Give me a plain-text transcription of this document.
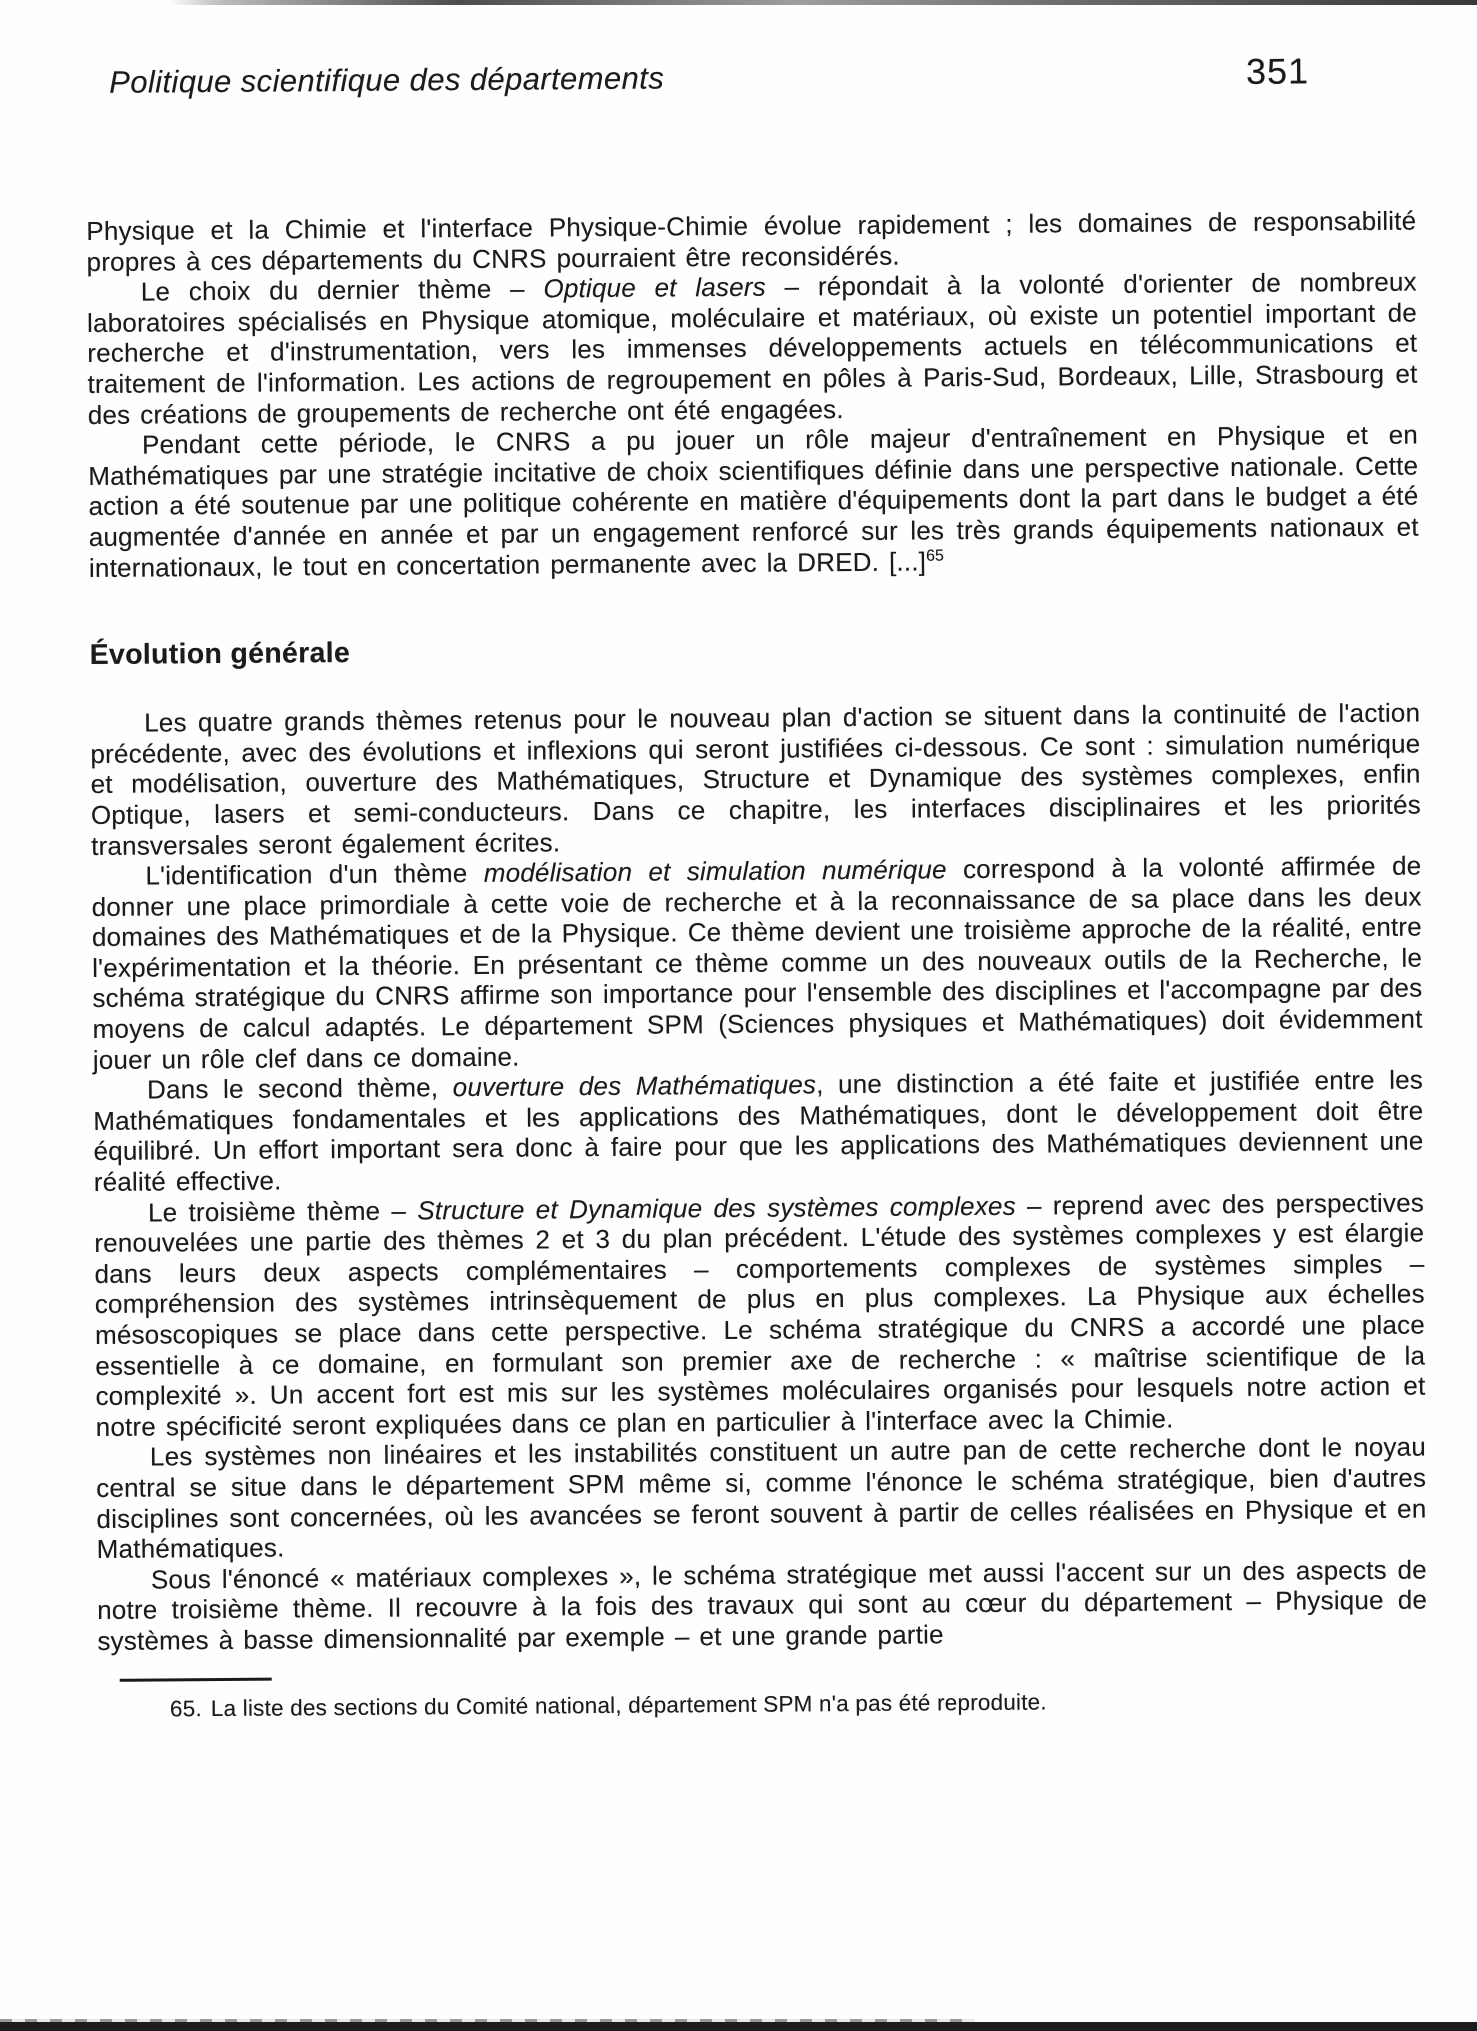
Politique scientifique des départements	351

Physique et la Chimie et l'interface Physique-Chimie évolue rapidement ; les domaines de responsabilité propres à ces départements du CNRS pourraient être reconsidérés.

Le choix du dernier thème – Optique et lasers – répondait à la volonté d'orienter de nombreux laboratoires spécialisés en Physique atomique, moléculaire et matériaux, où existe un potentiel important de recherche et d'instrumentation, vers les immenses développements actuels en télécommunications et traitement de l'information. Les actions de regroupement en pôles à Paris-Sud, Bordeaux, Lille, Strasbourg et des créations de groupements de recherche ont été engagées.

Pendant cette période, le CNRS a pu jouer un rôle majeur d'entraînement en Physique et en Mathématiques par une stratégie incitative de choix scientifiques définie dans une perspective nationale. Cette action a été soutenue par une politique cohérente en matière d'équipements dont la part dans le budget a été augmentée d'année en année et par un engagement renforcé sur les très grands équipements nationaux et internationaux, le tout en concertation permanente avec la DRED. [...]$^{65}$

Évolution générale

Les quatre grands thèmes retenus pour le nouveau plan d'action se situent dans la continuité de l'action précédente, avec des évolutions et inflexions qui seront justifiées ci-dessous. Ce sont : simulation numérique et modélisation, ouverture des Mathématiques, Structure et Dynamique des systèmes complexes, enfin Optique, lasers et semi-conducteurs. Dans ce chapitre, les interfaces disciplinaires et les priorités transversales seront également écrites.

L'identification d'un thème modélisation et simulation numérique correspond à la volonté affirmée de donner une place primordiale à cette voie de recherche et à la reconnaissance de sa place dans les deux domaines des Mathématiques et de la Physique. Ce thème devient une troisième approche de la réalité, entre l'expérimentation et la théorie. En présentant ce thème comme un des nouveaux outils de la Recherche, le schéma stratégique du CNRS affirme son importance pour l'ensemble des disciplines et l'accompagne par des moyens de calcul adaptés. Le département SPM (Sciences physiques et Mathématiques) doit évidemment jouer un rôle clef dans ce domaine.

Dans le second thème, ouverture des Mathématiques, une distinction a été faite et justifiée entre les Mathématiques fondamentales et les applications des Mathématiques, dont le développement doit être équilibré. Un effort important sera donc à faire pour que les applications des Mathématiques deviennent une réalité effective.

Le troisième thème – Structure et Dynamique des systèmes complexes – reprend avec des perspectives renouvelées une partie des thèmes 2 et 3 du plan précédent. L'étude des systèmes complexes y est élargie dans leurs deux aspects complémentaires – comportements complexes de systèmes simples – compréhension des systèmes intrinsèquement de plus en plus complexes. La Physique aux échelles mésoscopiques se place dans cette perspective. Le schéma stratégique du CNRS a accordé une place essentielle à ce domaine, en formulant son premier axe de recherche : « maîtrise scientifique de la complexité ». Un accent fort est mis sur les systèmes moléculaires organisés pour lesquels notre action et notre spécificité seront expliquées dans ce plan en particulier à l'interface avec la Chimie.

Les systèmes non linéaires et les instabilités constituent un autre pan de cette recherche dont le noyau central se situe dans le département SPM même si, comme l'énonce le schéma stratégique, bien d'autres disciplines sont concernées, où les avancées se feront souvent à partir de celles réalisées en Physique et en Mathématiques.

Sous l'énoncé « matériaux complexes », le schéma stratégique met aussi l'accent sur un des aspects de notre troisième thème. Il recouvre à la fois des travaux qui sont au cœur du département – Physique de systèmes à basse dimensionnalité par exemple – et une grande partie

65. La liste des sections du Comité national, département SPM n'a pas été reproduite.
